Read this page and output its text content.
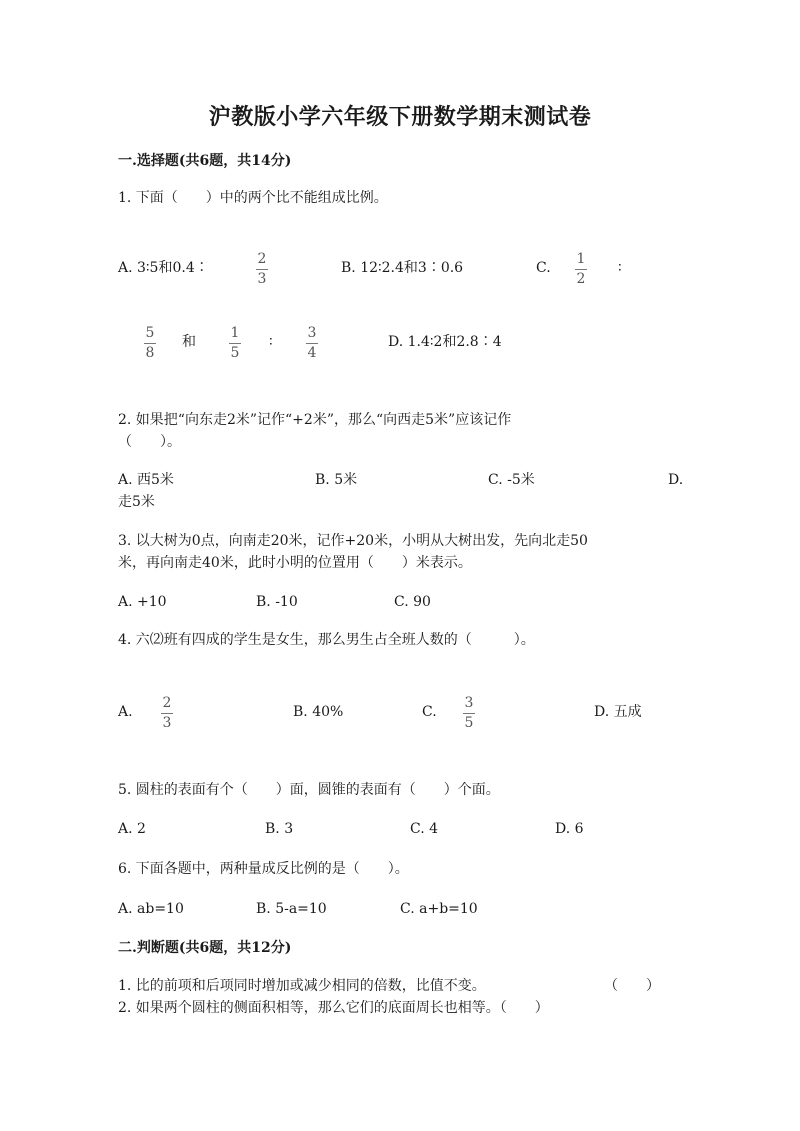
沪教版小学六年级下册数学期末测试卷
一.选择题(共6题，共14分)
1. 下面（　　）中的两个比不能组成比例。
A. 3∶5和0.4∶
2
3
B. 12∶2.4和3∶0.6	C.
1
2
∶
5
8
和
1
5
∶
3
4
D. 1.4∶2和2.8∶4
2. 如果把“向东走2米”记作“+2米”，那么“向西走5米”应该记作
（　　）。
A. 西5米	B. 5米	C. -5米	D.
走5米
3. 以大树为0点，向南走20米，记作+20米，小明从大树出发，先向北走50
米，再向南走40米，此时小明的位置用（　　）米表示。
A. +10	B. -10	C. 90
4. 六⑵班有四成的学生是女生，那么男生占全班人数的（　　　）。
A.
2
3
B. 40%	C.
3
5
D. 五成
5. 圆柱的表面有个（　　）面，圆锥的表面有（　　）个面。
A. 2	B. 3	C. 4	D. 6
6. 下面各题中，两种量成反比例的是（　　）。
A. ab=10	B. 5-a=10	C. a+b=10
二.判断题(共6题，共12分)
1. 比的前项和后项同时增加或减少相同的倍数，比值不变。	（　　）
2. 如果两个圆柱的侧面积相等，那么它们的底面周长也相等。（　　）
